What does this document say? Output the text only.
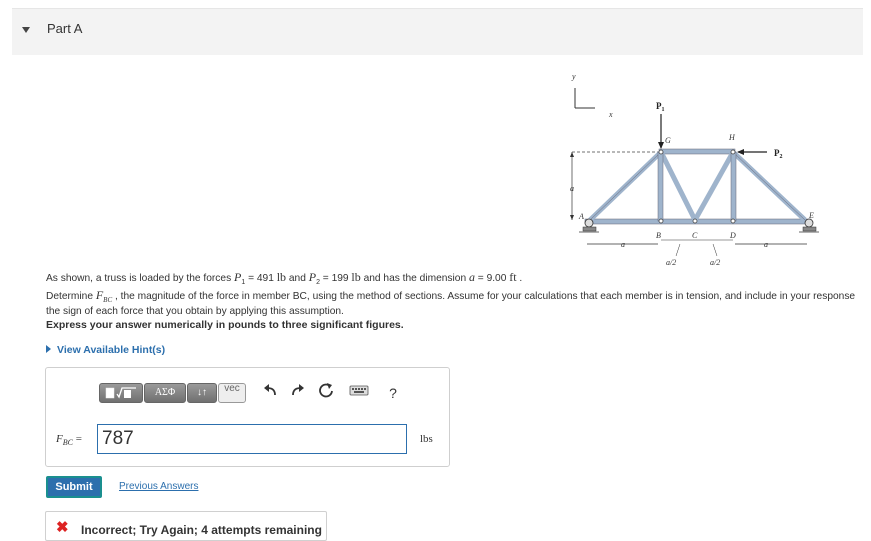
Part A
y
x
$P_1$
$P_2$
G	H
A
B	C	D
E
a
a	a
a/2	a/2
As shown, a truss is loaded by the forces $P_1 = 491$ lb and $P_2 = 199$ lb and has the dimension a = 9.00 ft .
Determine $F_{BC}$ , the magnitude of the force in member BC, using the method of sections. Assume for your calculations that each member is in tension, and include in your response the sign of each force that you obtain by applying this assumption.
Express your answer numerically in pounds to three significant figures.
View Available Hint(s)
ΑΣΦ	↓↑	vec	?
$F_{BC} = 787$	lbs
Submit	Previous Answers
✖ Incorrect; Try Again; 4 attempts remaining
